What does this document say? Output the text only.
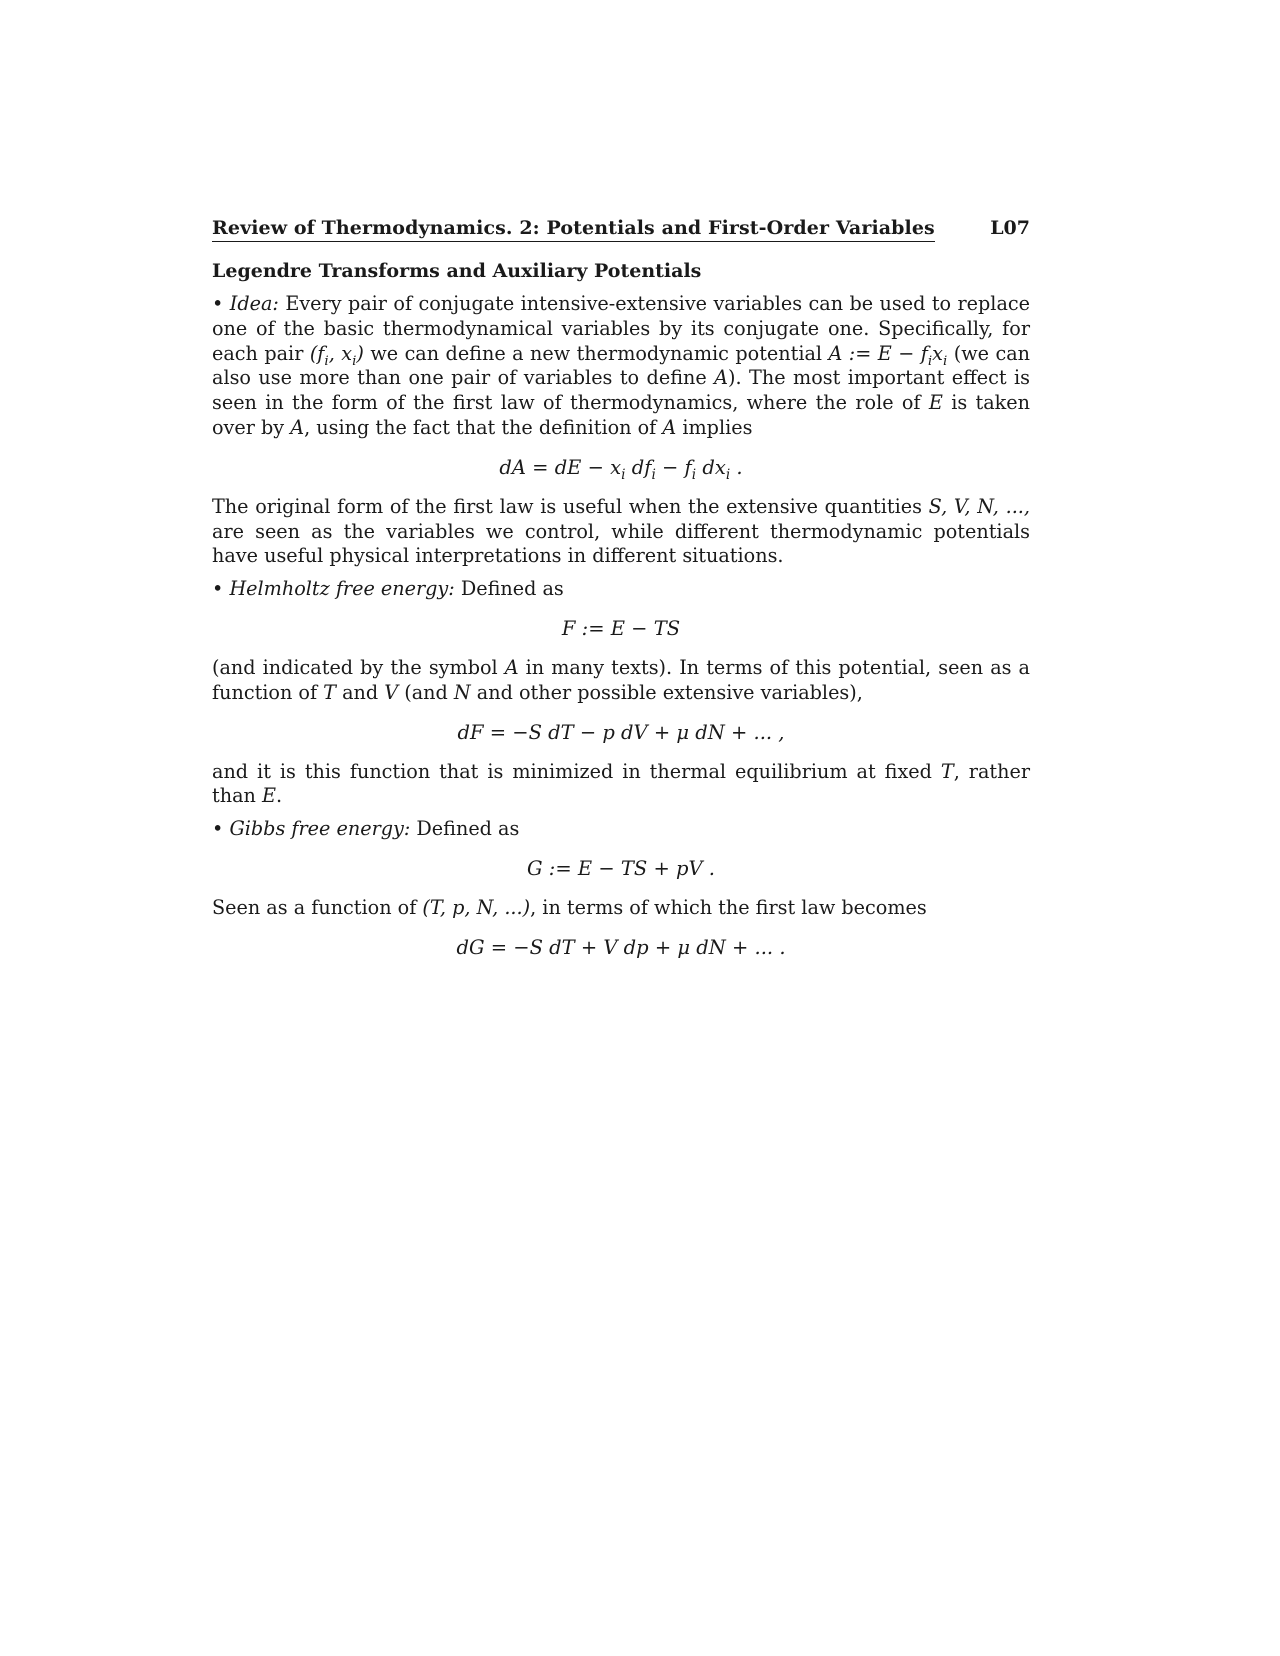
Review of Thermodynamics. 2: Potentials and First-Order Variables	L07
Legendre Transforms and Auxiliary Potentials

• Idea: Every pair of conjugate intensive-extensive variables can be used to replace one of the basic thermodynamical variables by its conjugate one. Specifically, for each pair ($f_i$, $x_i$) we can define a new thermodynamic potential A := $E - f_ix_i$ (we can also use more than one pair of variables to define A). The most important effect is seen in the form of the first law of thermodynamics, where the role of E is taken over by A, using the fact that the definition of A implies

dA = dE − $x_i$ $df_i - f_i$ $dx_i$ .

The original form of the first law is useful when the extensive quantities S, V, N, ..., are seen as the variables we control, while different thermodynamic potentials have useful physical interpretations in different situations.

• Helmholtz free energy: Defined as

F := E − TS

(and indicated by the symbol A in many texts). In terms of this potential, seen as a function of T and V (and N and other possible extensive variables),

dF = −S dT − p dV + μ dN + ... ,

and it is this function that is minimized in thermal equilibrium at fixed T, rather than E.

• Gibbs free energy: Defined as

G := E − TS + pV .

Seen as a function of (T, p, N, ...), in terms of which the first law becomes

dG = −S dT + V dp + μ dN + ... .
